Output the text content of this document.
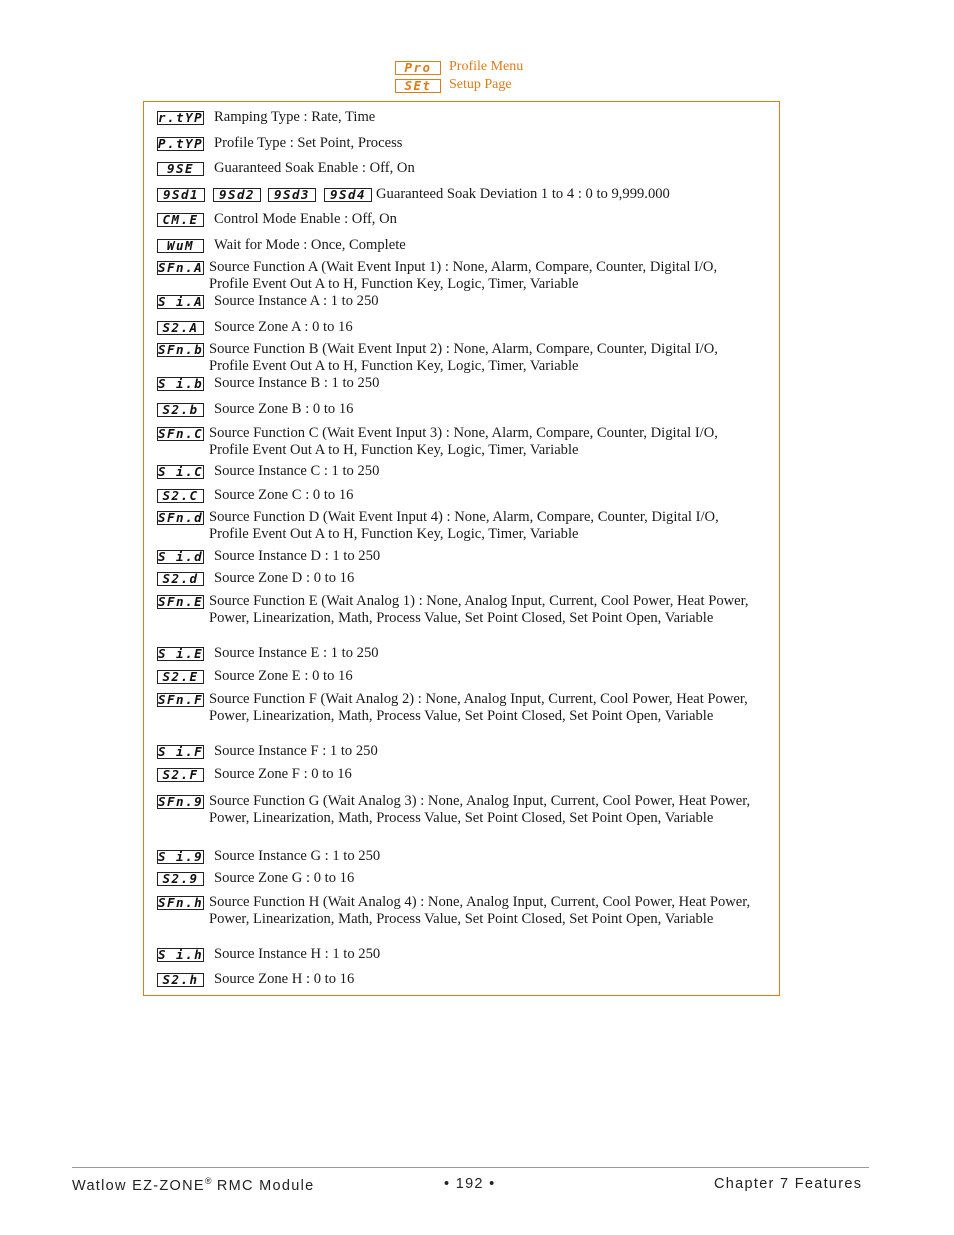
Pro	Profile Menu
SEt	Setup Page
r.tYP Ramping Type : Rate, Time
P.tYP Profile Type : Set Point, Process
9SE	Guaranteed Soak Enable : Off, On
9Sd1	9Sd2	9Sd3	9Sd4 Guaranteed Soak Deviation 1 to 4 : 0 to 9,999.000
CM.E	Control Mode Enable : Off, On
WuM	Wait for Mode : Once, Complete
SFn.A Source Function A (Wait Event Input 1) : None, Alarm, Compare, Counter, Digital I/O, Profile Event Out A to H, Function Key, Logic, Timer, Variable
S i.A Source Instance A : 1 to 250
S2.A	Source Zone A : 0 to 16
SFn.b Source Function B (Wait Event Input 2) : None, Alarm, Compare, Counter, Digital I/O, Profile Event Out A to H, Function Key, Logic, Timer, Variable
S i.b Source Instance B : 1 to 250
S2.b	Source Zone B : 0 to 16
SFn.C Source Function C (Wait Event Input 3) : None, Alarm, Compare, Counter, Digital I/O, Profile Event Out A to H, Function Key, Logic, Timer, Variable
S i.C Source Instance C : 1 to 250
S2.C	Source Zone C : 0 to 16
SFn.d Source Function D (Wait Event Input 4) : None, Alarm, Compare, Counter, Digital I/O, Profile Event Out A to H, Function Key, Logic, Timer, Variable
S i.d Source Instance D : 1 to 250
S2.d	Source Zone D : 0 to 16
SFn.E Source Function E (Wait Analog 1) : None, Analog Input, Current, Cool Power, Heat Power, Power, Linearization, Math, Process Value, Set Point Closed, Set Point Open, Variable
S i.E Source Instance E : 1 to 250
S2.E	Source Zone E : 0 to 16
SFn.F Source Function F (Wait Analog 2) : None, Analog Input, Current, Cool Power, Heat Power, Power, Linearization, Math, Process Value, Set Point Closed, Set Point Open, Variable
S i.F Source Instance F : 1 to 250
S2.F	Source Zone F : 0 to 16
SFn.9 Source Function G (Wait Analog 3) : None, Analog Input, Current, Cool Power, Heat Power, Power, Linearization, Math, Process Value, Set Point Closed, Set Point Open, Variable
S i.9 Source Instance G : 1 to 250
S2.9	Source Zone G : 0 to 16
SFn.h Source Function H (Wait Analog 4) : None, Analog Input, Current, Cool Power, Heat Power, Power, Linearization, Math, Process Value, Set Point Closed, Set Point Open, Variable
S i.h Source Instance H : 1 to 250
S2.h	Source Zone H : 0 to 16
Watlow EZ-ZONE® RMC Module	• 192 •	Chapter 7 Features
